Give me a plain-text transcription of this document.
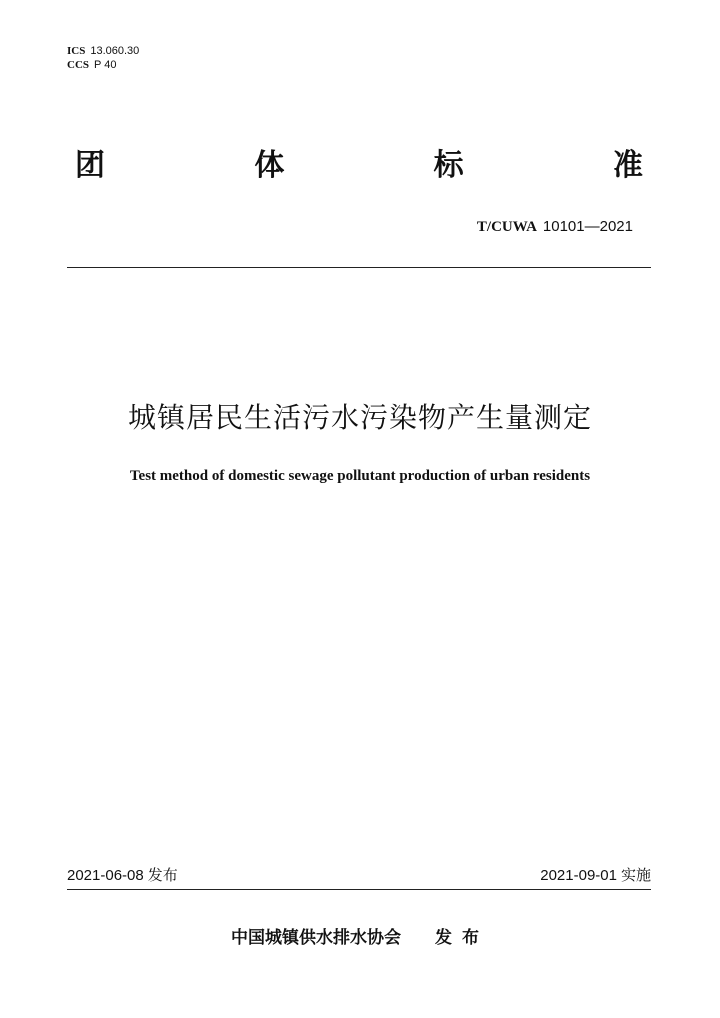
ICS 13.060.30
CCS P 40
团	体	标	准
T/CUWA 10101—2021
城镇居民生活污水污染物产生量测定
Test method of domestic sewage pollutant production of urban residents
2021-06-08 发布	2021-09-01 实施
中国城镇供水排水协会 发布
